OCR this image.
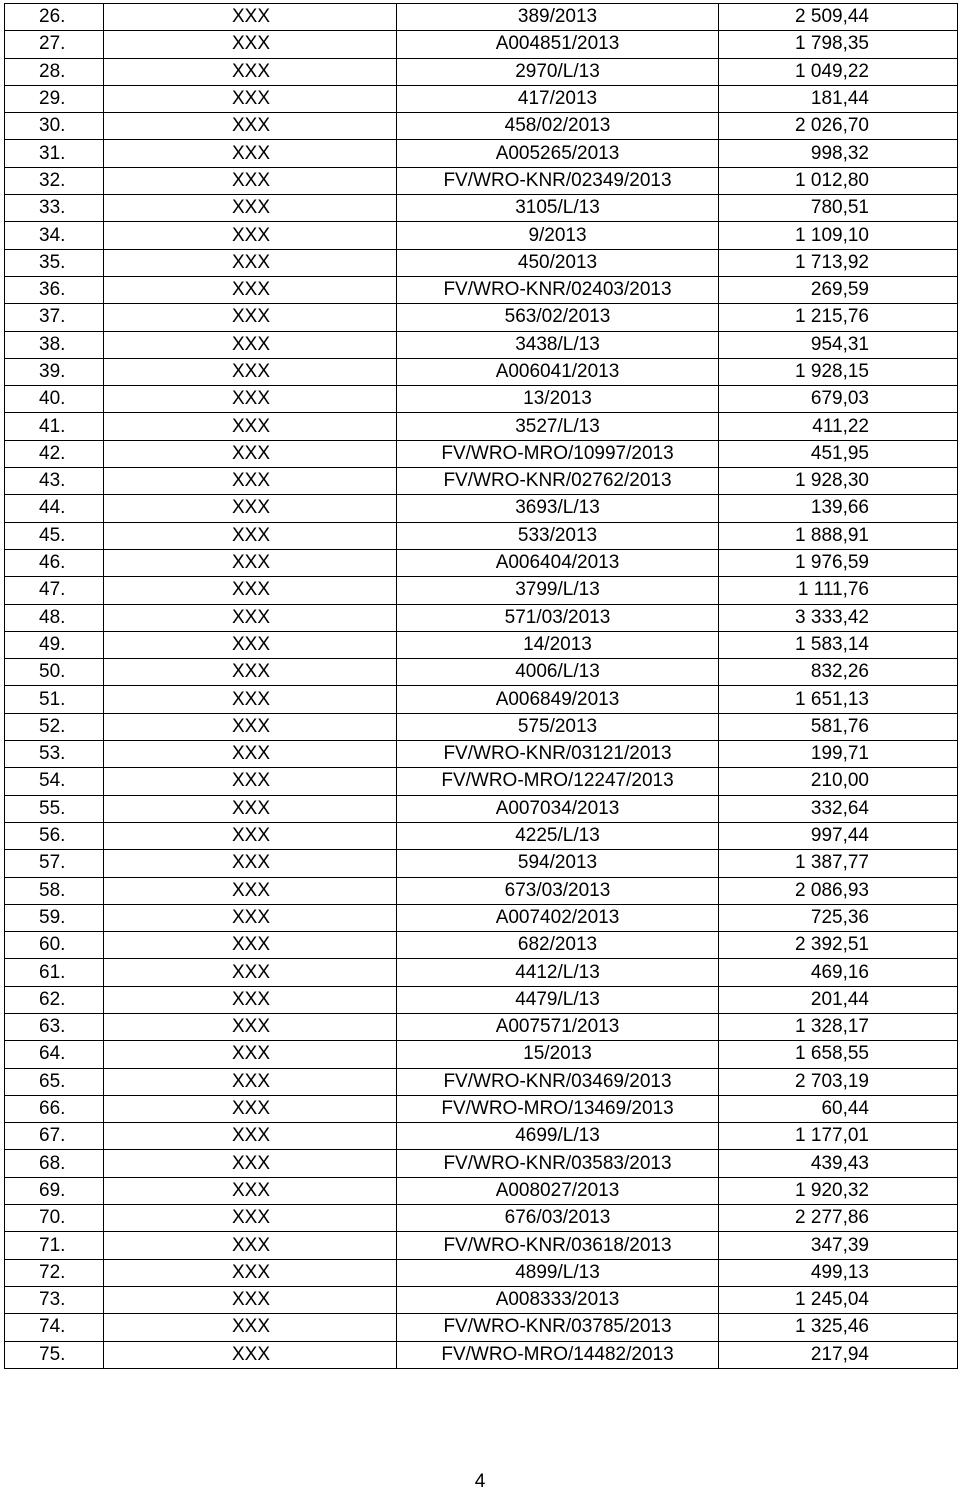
26.	XXX	389/2013	2 509,44
27.	XXX	A004851/2013	1 798,35
28.	XXX	2970/L/13	1 049,22
29.	XXX	417/2013	181,44
30.	XXX	458/02/2013	2 026,70
31.	XXX	A005265/2013	998,32
32.	XXX	FV/WRO-KNR/02349/2013	1 012,80
33.	XXX	3105/L/13	780,51
34.	XXX	9/2013	1 109,10
35.	XXX	450/2013	1 713,92
36.	XXX	FV/WRO-KNR/02403/2013	269,59
37.	XXX	563/02/2013	1 215,76
38.	XXX	3438/L/13	954,31
39.	XXX	A006041/2013	1 928,15
40.	XXX	13/2013	679,03
41.	XXX	3527/L/13	411,22
42.	XXX	FV/WRO-MRO/10997/2013	451,95
43.	XXX	FV/WRO-KNR/02762/2013	1 928,30
44.	XXX	3693/L/13	139,66
45.	XXX	533/2013	1 888,91
46.	XXX	A006404/2013	1 976,59
47.	XXX	3799/L/13	1 111,76
48.	XXX	571/03/2013	3 333,42
49.	XXX	14/2013	1 583,14
50.	XXX	4006/L/13	832,26
51.	XXX	A006849/2013	1 651,13
52.	XXX	575/2013	581,76
53.	XXX	FV/WRO-KNR/03121/2013	199,71
54.	XXX	FV/WRO-MRO/12247/2013	210,00
55.	XXX	A007034/2013	332,64
56.	XXX	4225/L/13	997,44
57.	XXX	594/2013	1 387,77
58.	XXX	673/03/2013	2 086,93
59.	XXX	A007402/2013	725,36
60.	XXX	682/2013	2 392,51
61.	XXX	4412/L/13	469,16
62.	XXX	4479/L/13	201,44
63.	XXX	A007571/2013	1 328,17
64.	XXX	15/2013	1 658,55
65.	XXX	FV/WRO-KNR/03469/2013	2 703,19
66.	XXX	FV/WRO-MRO/13469/2013	60,44
67.	XXX	4699/L/13	1 177,01
68.	XXX	FV/WRO-KNR/03583/2013	439,43
69.	XXX	A008027/2013	1 920,32
70.	XXX	676/03/2013	2 277,86
71.	XXX	FV/WRO-KNR/03618/2013	347,39
72.	XXX	4899/L/13	499,13
73.	XXX	A008333/2013	1 245,04
74.	XXX	FV/WRO-KNR/03785/2013	1 325,46
75.	XXX	FV/WRO-MRO/14482/2013	217,94
4
